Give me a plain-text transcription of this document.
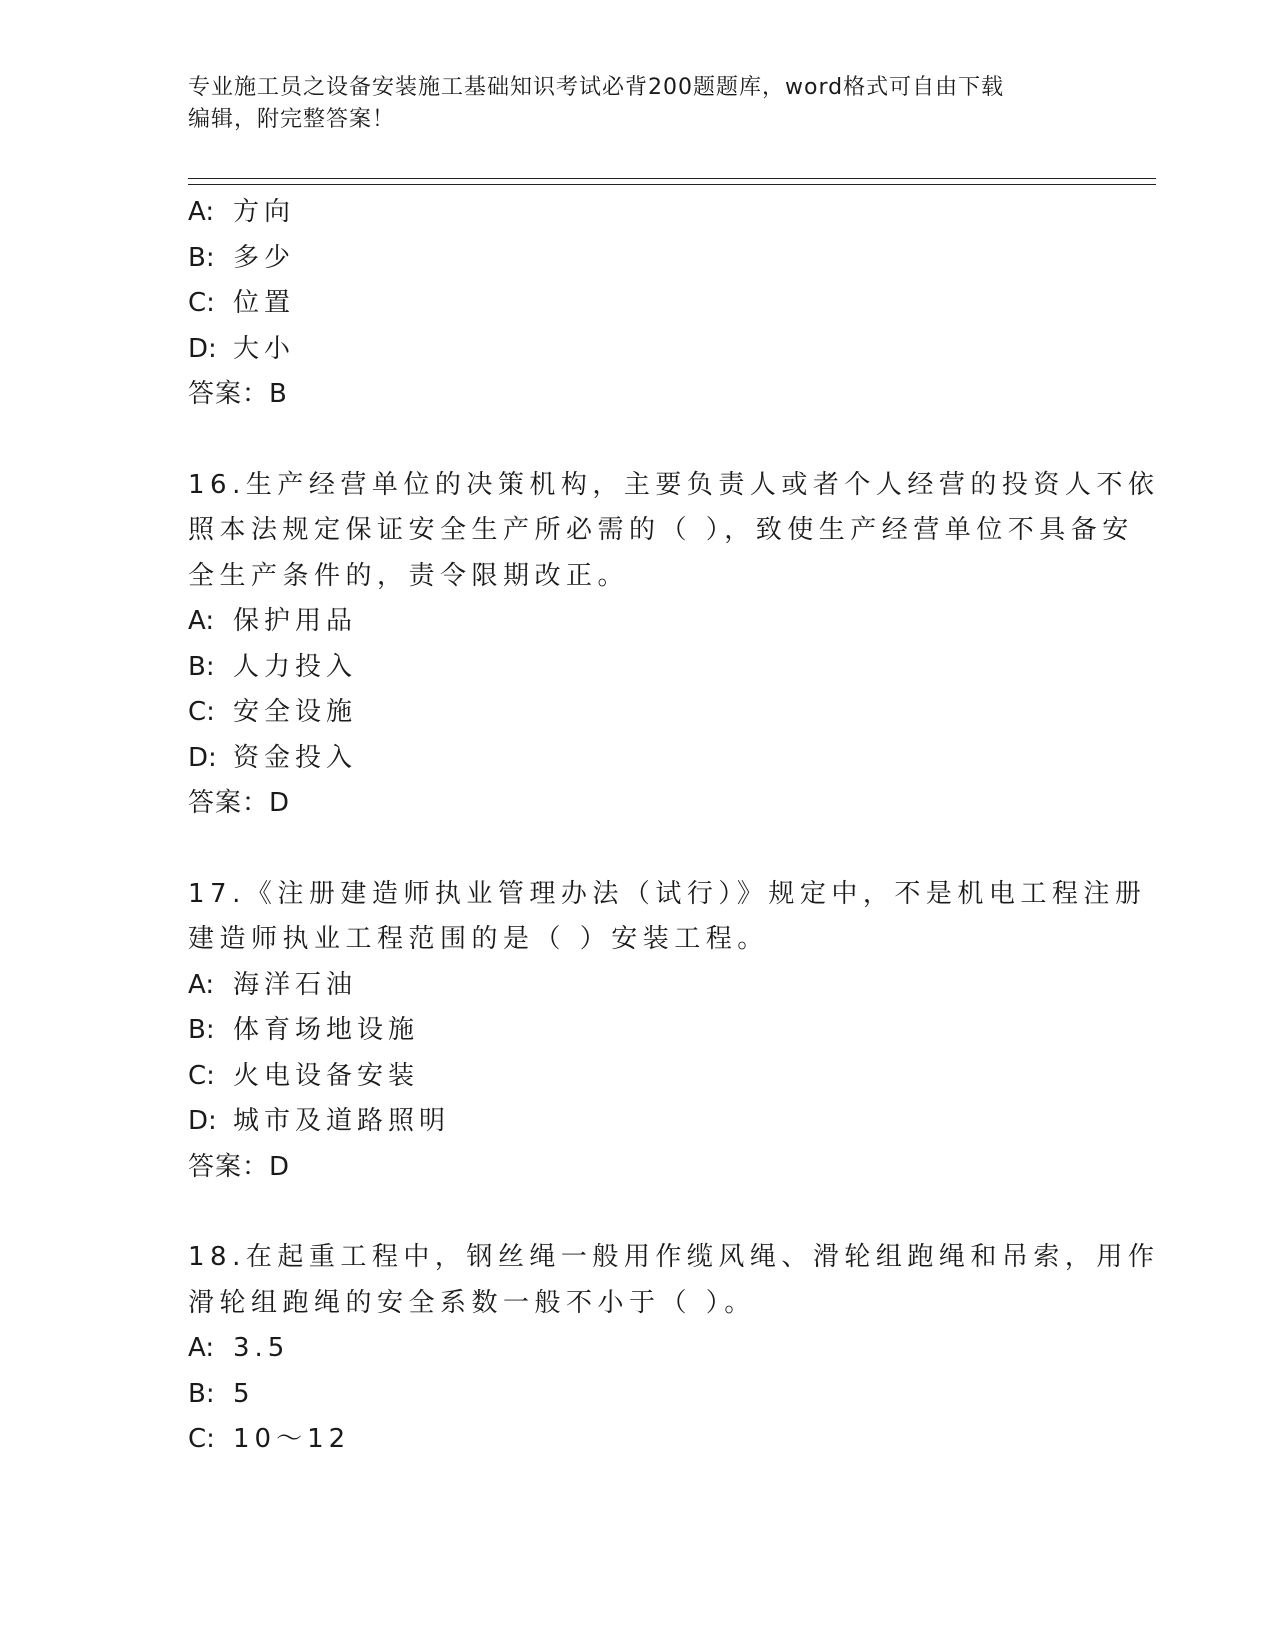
专业施工员之设备安装施工基础知识考试必背200题题库，word格式可自由下载
编辑，附完整答案！
A: 方向
B: 多少
C: 位置
D: 大小
答案：B
16.生产经营单位的决策机构，主要负责人或者个人经营的投资人不依
照本法规定保证安全生产所必需的（ ），致使生产经营单位不具备安
全生产条件的，责令限期改正。
A: 保护用品
B: 人力投入
C: 安全设施
D: 资金投入
答案：D
17.《注册建造师执业管理办法（试行）》规定中，不是机电工程注册
建造师执业工程范围的是（ ）安装工程。
A: 海洋石油
B: 体育场地设施
C: 火电设备安装
D: 城市及道路照明
答案：D
18.在起重工程中，钢丝绳一般用作缆风绳、滑轮组跑绳和吊索，用作
滑轮组跑绳的安全系数一般不小于（ ）。
A: 3.5
B: 5
C: 10～12
